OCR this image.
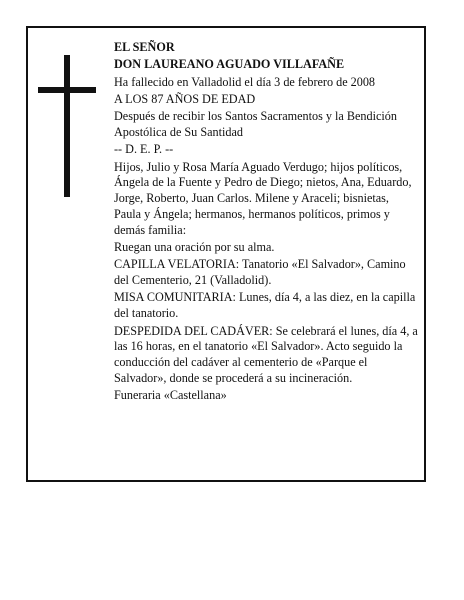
EL SEÑOR

DON LAUREANO AGUADO VILLAFAÑE

Ha fallecido en Valladolid el día 3 de febrero de 2008

A LOS 87 AÑOS DE EDAD

Después de recibir los Santos Sacramentos y la Bendición Apostólica de Su Santidad

-- D. E. P. --

Hijos, Julio y Rosa María Aguado Verdugo; hijos políticos, Ángela de la Fuente y Pedro de Diego; nietos, Ana, Eduardo, Jorge, Roberto, Juan Carlos. Milene y Araceli; bisnietas, Paula y Ángela; hermanos, hermanos políticos, primos y demás familia:

Ruegan una oración por su alma.

CAPILLA VELATORIA: Tanatorio «El Salvador», Camino del Cementerio, 21 (Valladolid).

MISA COMUNITARIA: Lunes, día 4, a las diez, en la capilla del tanatorio.

DESPEDIDA DEL CADÁVER: Se celebrará el lunes, día 4, a las 16 horas, en el tanatorio «El Salvador». Acto seguido la conducción del cadáver al cementerio de «Parque el Salvador», donde se procederá a su incineración.

Funeraria «Castellana»
